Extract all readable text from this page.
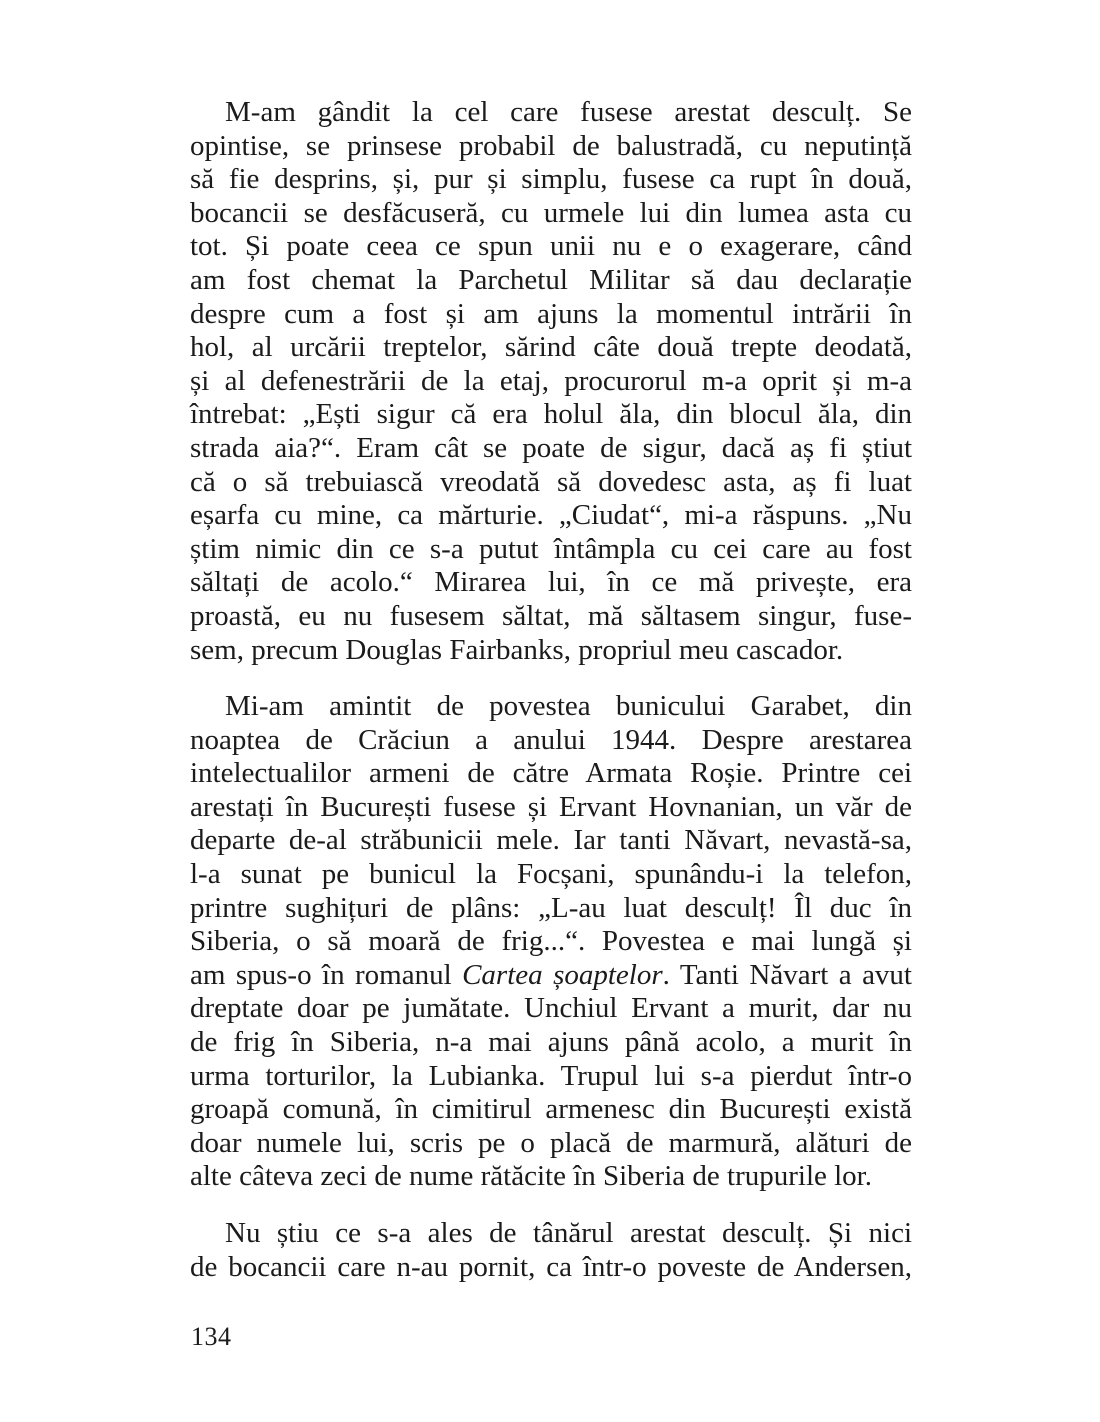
M-am gândit la cel care fusese arestat desculț. Se
opintise, se prinsese probabil de balustradă, cu neputință
să fie desprins, și, pur și simplu, fusese ca rupt în două,
bocancii se desfăcuseră, cu urmele lui din lumea asta cu
tot. Și poate ceea ce spun unii nu e o exagerare, când
am fost chemat la Parchetul Militar să dau declarație
despre cum a fost și am ajuns la momentul intrării în
hol, al urcării treptelor, sărind câte două trepte deodată,
și al defenestrării de la etaj, procurorul m-a oprit și m-a
întrebat: „Ești sigur că era holul ăla, din blocul ăla, din
strada aia?“. Eram cât se poate de sigur, dacă aș fi știut
că o să trebuiască vreodată să dovedesc asta, aș fi luat
eșarfa cu mine, ca mărturie. „Ciudat“, mi-a răspuns. „Nu
știm nimic din ce s-a putut întâmpla cu cei care au fost
săltați de acolo.“ Mirarea lui, în ce mă privește, era
proastă, eu nu fusesem săltat, mă săltasem singur, fuse-
sem, precum Douglas Fairbanks, propriul meu cascador.
Mi-am amintit de povestea bunicului Garabet, din
noaptea de Crăciun a anului 1944. Despre arestarea
intelectualilor armeni de către Armata Roșie. Printre cei
arestați în București fusese și Ervant Hovnanian, un văr de
departe de-al străbunicii mele. Iar tanti Năvart, nevastă-sa,
l-a sunat pe bunicul la Focșani, spunându-i la telefon,
printre sughițuri de plâns: „L-au luat desculț! Îl duc în
Siberia, o să moară de frig...“. Povestea e mai lungă și
am spus-o în romanul Cartea șoaptelor. Tanti Năvart a avut
dreptate doar pe jumătate. Unchiul Ervant a murit, dar nu
de frig în Siberia, n-a mai ajuns până acolo, a murit în
urma torturilor, la Lubianka. Trupul lui s-a pierdut într-o
groapă comună, în cimitirul armenesc din București există
doar numele lui, scris pe o placă de marmură, alături de
alte câteva zeci de nume rătăcite în Siberia de trupurile lor.
Nu știu ce s-a ales de tânărul arestat desculț. Și nici
de bocancii care n-au pornit, ca într-o poveste de Andersen,
134
